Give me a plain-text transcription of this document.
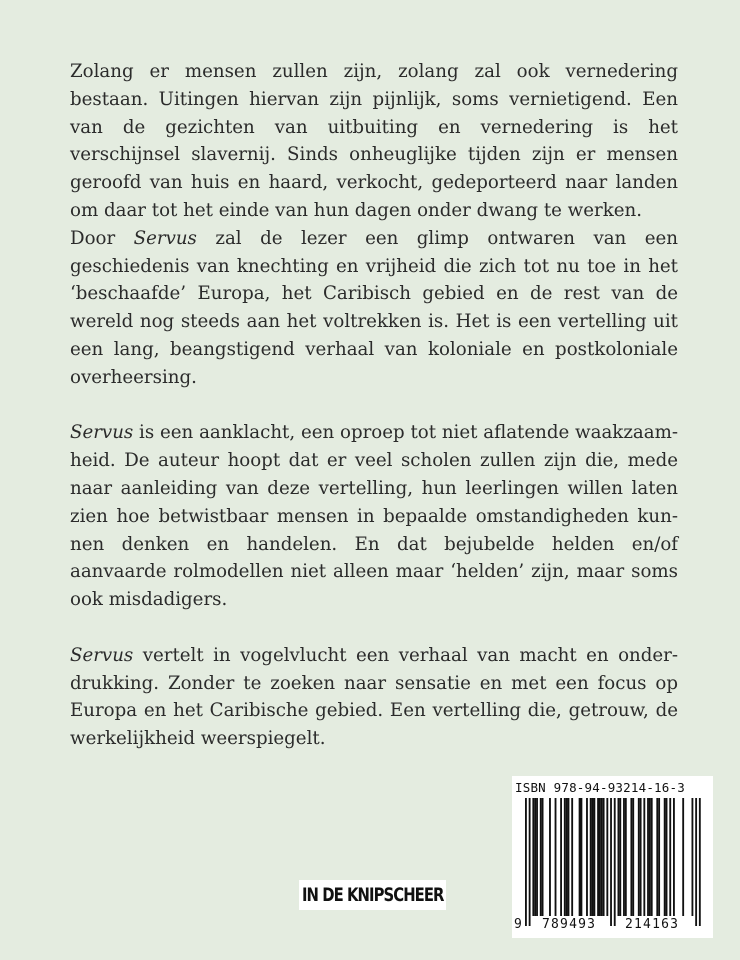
Zolang er mensen zullen zijn, zolang zal ook vernedering bestaan. Uitingen hiervan zijn pijnlijk, soms vernietigend. Een van de gezichten van uitbuiting en vernedering is het verschijnsel slavernij. Sinds onheuglijke tijden zijn er mensen geroofd van huis en haard, verkocht, gedeporteerd naar landen om daar tot het einde van hun dagen onder dwang te werken.
Door Servus zal de lezer een glimp ontwaren van een geschiedenis van knechting en vrijheid die zich tot nu toe in het ‘beschaafde’ Europa, het Caribisch gebied en de rest van de wereld nog steeds aan het voltrekken is. Het is een vertelling uit een lang, beangstigend verhaal van koloniale en postkoloniale overheersing.

Servus is een aanklacht, een oproep tot niet aflatende waakzaamheid. De auteur hoopt dat er veel scholen zullen zijn die, mede naar aanleiding van deze vertelling, hun leerlingen willen laten zien hoe betwistbaar mensen in bepaalde omstandigheden kunnen denken en handelen. En dat bejubelde helden en/of aanvaarde rolmodellen niet alleen maar ‘helden’ zijn, maar soms ook misdadigers.

Servus vertelt in vogelvlucht een verhaal van macht en onderdrukking. Zonder te zoeken naar sensatie en met een focus op Europa en het Caribische gebied. Een vertelling die, getrouw, de werkelijkheid weerspiegelt.

IN DE KNIPSCHEER
ISBN 978-94-93214-16-3
9 789493 214163
